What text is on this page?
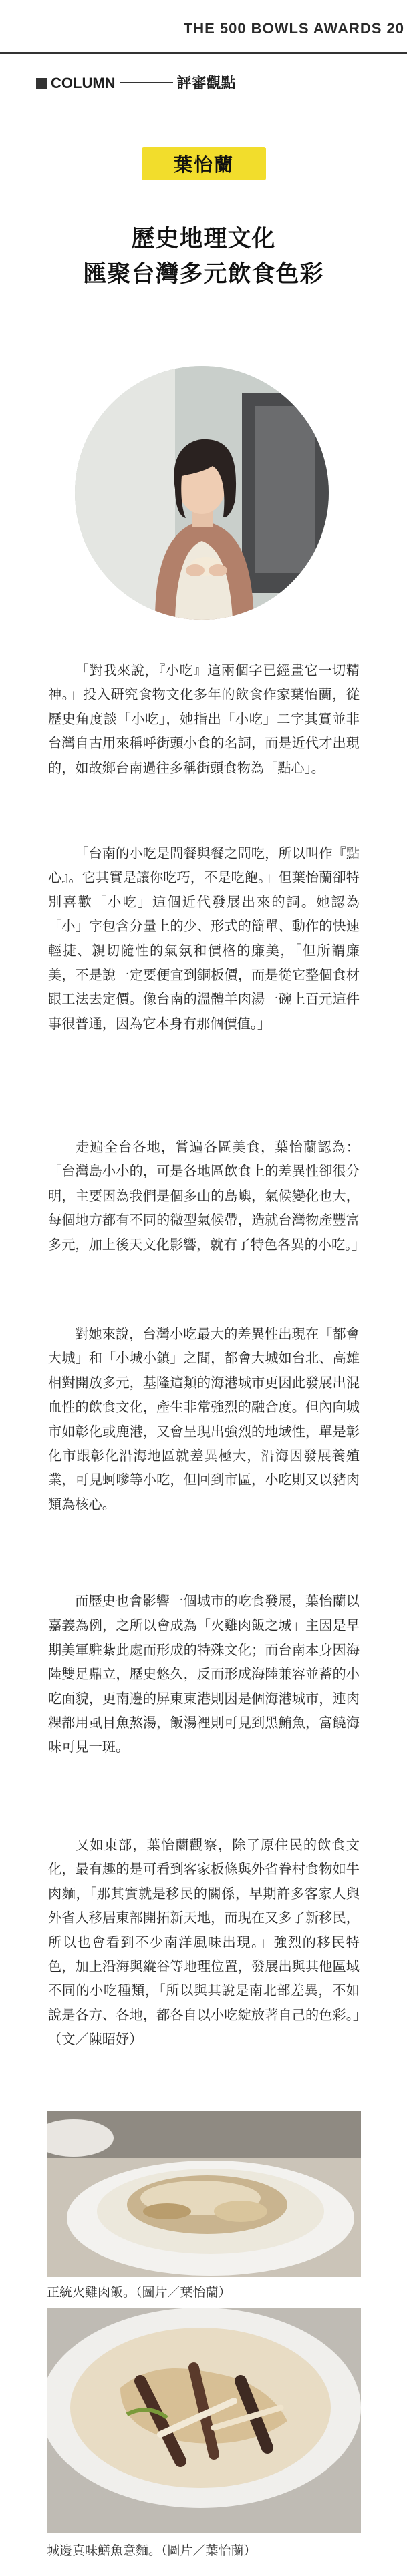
THE 500 BOWLS AWARDS 20
COLUMN	評審觀點
葉怡蘭
歷史地理文化
匯聚台灣多元飲食色彩

「對我來說，『小吃』這兩個字已經畫它一切精神。」投入研究食物文化多年的飲食作家葉怡蘭，從歷史角度談「小吃」，她指出「小吃」二字其實並非台灣自古用來稱呼街頭小食的名詞，而是近代才出現的，如故鄉台南過往多稱街頭食物為「點心」。

「台南的小吃是間餐與餐之間吃，所以叫作『點心』。它其實是讓你吃巧，不是吃飽。」但葉怡蘭卻特別喜歡「小吃」這個近代發展出來的詞。她認為「小」字包含分量上的少、形式的簡單、動作的快速輕捷、親切隨性的氣氛和價格的廉美，「但所謂廉美，不是說一定要便宜到銅板價，而是從它整個食材跟工法去定價。像台南的溫體羊肉湯一碗上百元這件事很普通，因為它本身有那個價值。」

走遍全台各地，嘗遍各區美食，葉怡蘭認為：「台灣島小小的，可是各地區飲食上的差異性卻很分明，主要因為我們是個多山的島嶼，氣候變化也大，每個地方都有不同的微型氣候帶，造就台灣物產豐富多元，加上後天文化影響，就有了特色各異的小吃。」

對她來說，台灣小吃最大的差異性出現在「都會大城」和「小城小鎮」之間，都會大城如台北、高雄相對開放多元，基隆這類的海港城市更因此發展出混血性的飲食文化，產生非常強烈的融合度。但內向城市如彰化或鹿港，又會呈現出強烈的地域性，單是彰化市跟彰化沿海地區就差異極大，沿海因發展養殖業，可見蚵嗲等小吃，但回到市區，小吃則又以豬肉類為核心。

而歷史也會影響一個城市的吃食發展，葉怡蘭以嘉義為例，之所以會成為「火雞肉飯之城」主因是早期美軍駐紮此處而形成的特殊文化；而台南本身因海陸雙足鼎立，歷史悠久，反而形成海陸兼容並蓄的小吃面貌，更南邊的屏東東港則因是個海港城市，連肉粿都用虱目魚熬湯，飯湯裡則可見到黑鮪魚，富饒海味可見一斑。

又如東部，葉怡蘭觀察，除了原住民的飲食文化，最有趣的是可看到客家板條與外省眷村食物如牛肉麵，「那其實就是移民的關係，早期許多客家人與外省人移居東部開拓新天地，而現在又多了新移民，所以也會看到不少南洋風味出現。」強烈的移民特色，加上沿海與縱谷等地理位置，發展出與其他區域不同的小吃種類，「所以與其說是南北部差異，不如說是各方、各地，都各自以小吃綻放著自己的色彩。」（文／陳昭妤）

正統火雞肉飯。（圖片／葉怡蘭）
城邊真味鱔魚意麵。（圖片／葉怡蘭）
